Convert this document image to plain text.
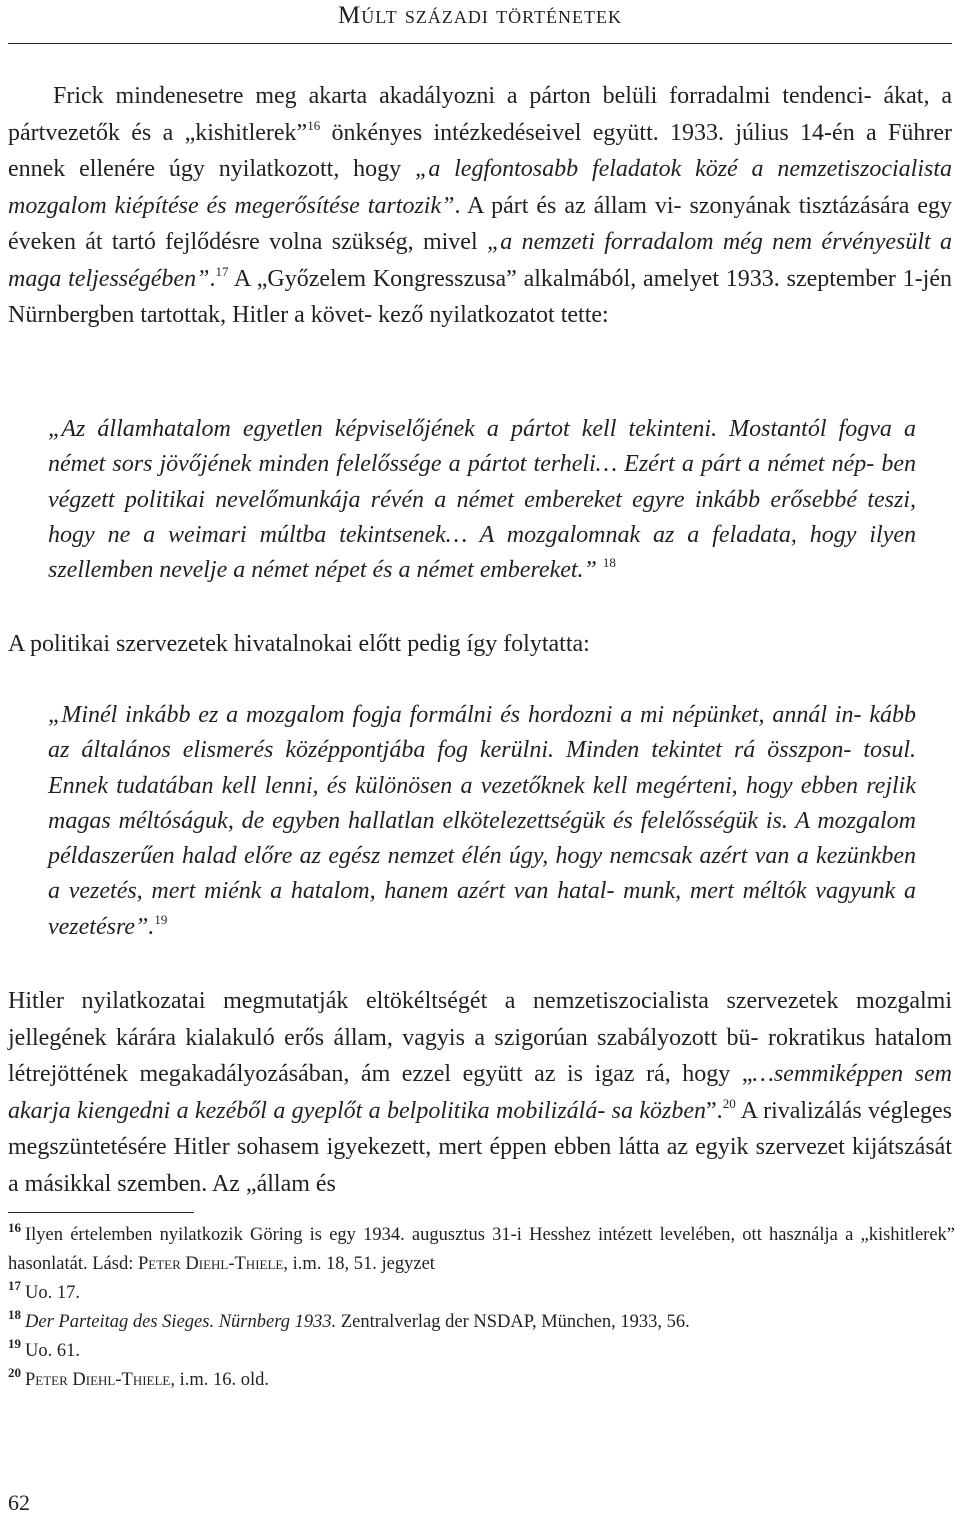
Múlt századi történetek

Frick mindenesetre meg akarta akadályozni a párton belüli forradalmi tendenci- ákat, a pártvezetők és a „kishitlerek”$^{16}$ önkényes intézkedéseivel együtt. 1933. július 14-én a Führer ennek ellenére úgy nyilatkozott, hogy „a legfontosabb feladatok közé a nemzetiszocialista mozgalom kiépítése és megerősítése tartozik”. A párt és az állam vi- szonyának tisztázására egy éveken át tartó fejlődésre volna szükség, mivel „a nemzeti forradalom még nem érvényesült a maga teljességében”.$^{17}$ A „Győzelem Kongresszusa” alkalmából, amelyet 1933. szeptember 1-jén Nürnbergben tartottak, Hitler a követ- kező nyilatkozatot tette:

„Az államhatalom egyetlen képviselőjének a pártot kell tekinteni. Mostantól fogva a német sors jövőjének minden felelőssége a pártot terheli… Ezért a párt a német nép- ben végzett politikai nevelőmunkája révén a német embereket egyre inkább erősebbé teszi, hogy ne a weimari múltba tekintsenek… A mozgalomnak az a feladata, hogy ilyen szellemben nevelje a német népet és a német embereket.” $^{18}$

A politikai szervezetek hivatalnokai előtt pedig így folytatta:

„Minél inkább ez a mozgalom fogja formálni és hordozni a mi népünket, annál in- kább az általános elismerés középpontjába fog kerülni. Minden tekintet rá összpon- tosul. Ennek tudatában kell lenni, és különösen a vezetőknek kell megérteni, hogy ebben rejlik magas méltóságuk, de egyben hallatlan elkötelezettségük és felelősségük is. A mozgalom példaszerűen halad előre az egész nemzet élén úgy, hogy nemcsak azért van a kezünkben a vezetés, mert miénk a hatalom, hanem azért van hatal- munk, mert méltók vagyunk a vezetésre”.$^{19}$

Hitler nyilatkozatai megmutatják eltökéltségét a nemzetiszocialista szervezetek mozgalmi jellegének kárára kialakuló erős állam, vagyis a szigorúan szabályozott bü- rokratikus hatalom létrejöttének megakadályozásában, ám ezzel együtt az is igaz rá, hogy „…semmiképpen sem akarja kiengedni a kezéből a gyeplőt a belpolitika mobilizálá- sa közben”.$^{20}$ A rivalizálás végleges megszüntetésére Hitler sohasem igyekezett, mert éppen ebben látta az egyik szervezet kijátszását a másikkal szemben. Az „állam és

$^{16}$ Ilyen értelemben nyilatkozik Göring is egy 1934. augusztus 31-i Hesshez intézett levelében, ott használja a „kishitlerek” hasonlatát. Lásd: Peter Diehl-Thiele, i.m. 18, 51. jegyzet

$^{17}$ Uo. 17.

$^{18}$ Der Parteitag des Sieges. Nürnberg 1933. Zentralverlag der NSDAP, München, 1933, 56.

$^{19}$ Uo. 61.

$^{20}$ Peter Diehl-Thiele, i.m. 16. old.

62
